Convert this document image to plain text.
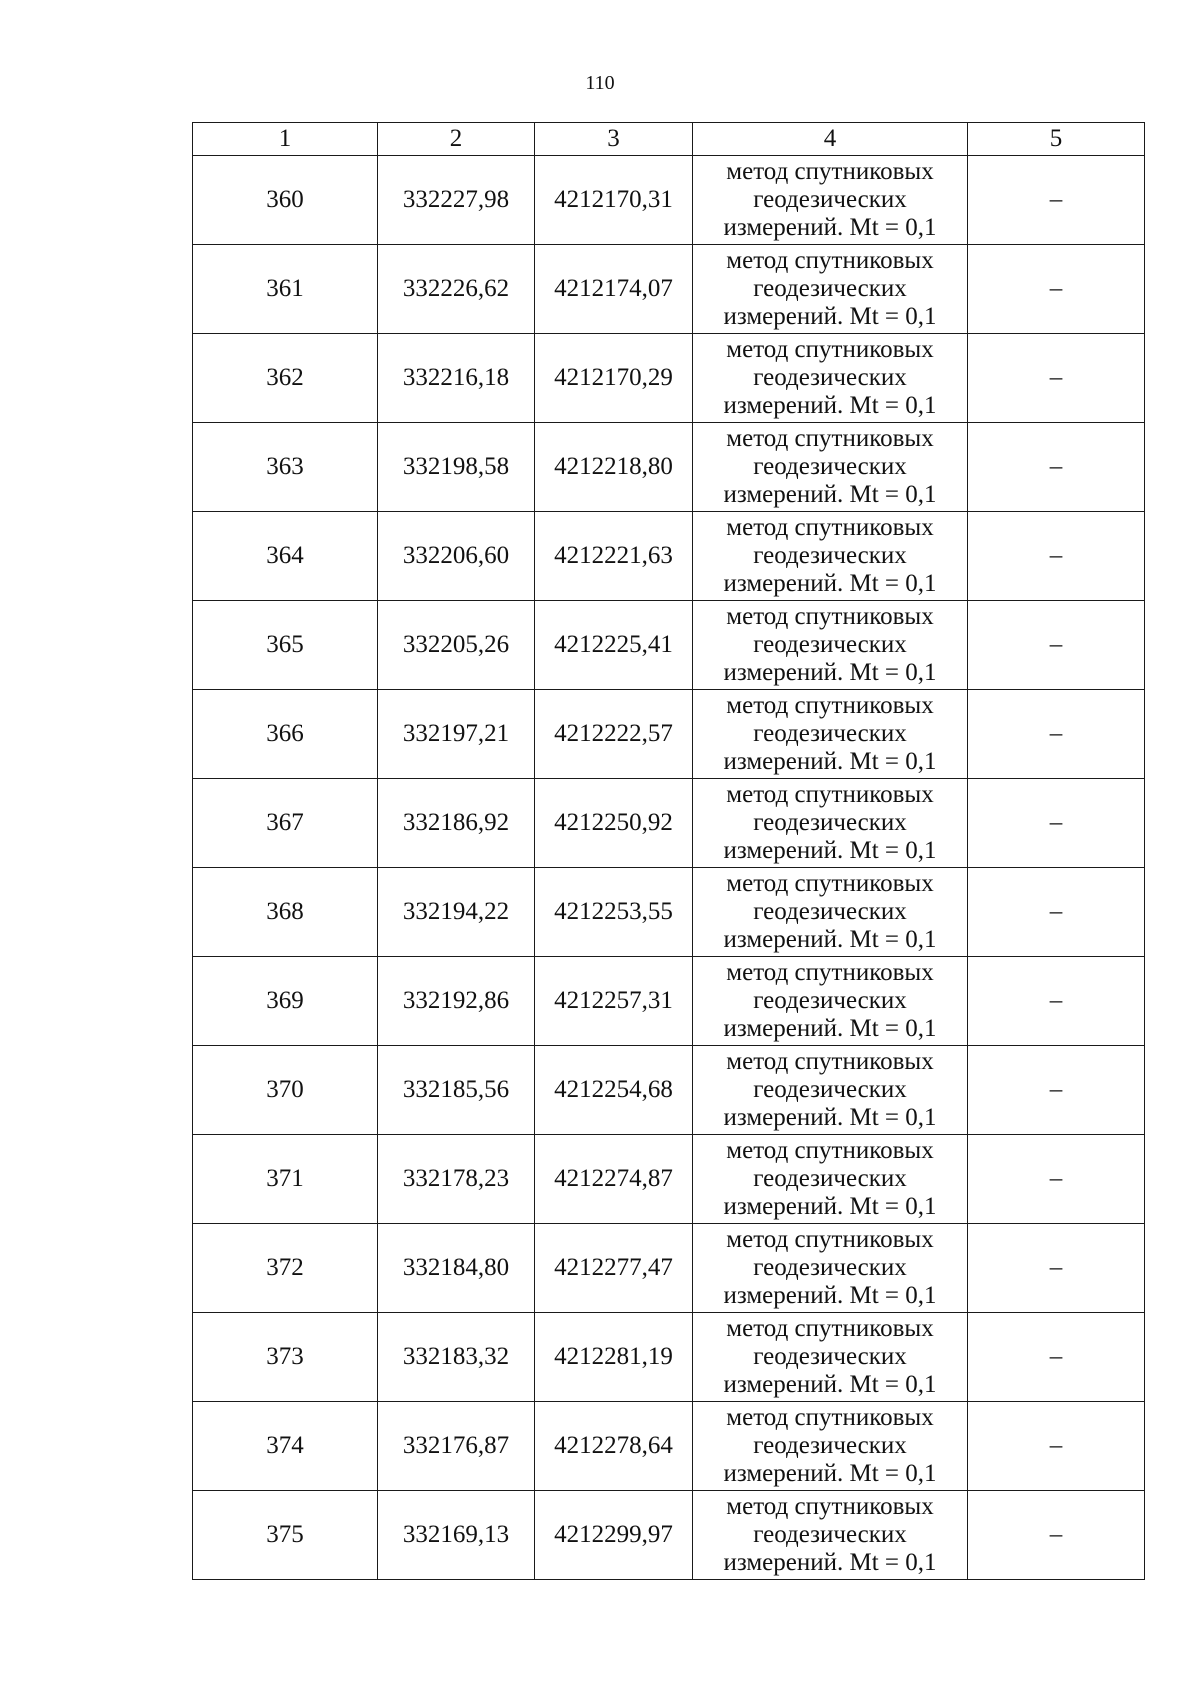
110
1	2	3	4	5
360	332227,98	4212170,31	метод спутниковых
геодезических
измерений. Mt = 0,1	–
361	332226,62	4212174,07	метод спутниковых
геодезических
измерений. Mt = 0,1	–
362	332216,18	4212170,29	метод спутниковых
геодезических
измерений. Mt = 0,1	–
363	332198,58	4212218,80	метод спутниковых
геодезических
измерений. Mt = 0,1	–
364	332206,60	4212221,63	метод спутниковых
геодезических
измерений. Mt = 0,1	–
365	332205,26	4212225,41	метод спутниковых
геодезических
измерений. Mt = 0,1	–
366	332197,21	4212222,57	метод спутниковых
геодезических
измерений. Mt = 0,1	–
367	332186,92	4212250,92	метод спутниковых
геодезических
измерений. Mt = 0,1	–
368	332194,22	4212253,55	метод спутниковых
геодезических
измерений. Mt = 0,1	–
369	332192,86	4212257,31	метод спутниковых
геодезических
измерений. Mt = 0,1	–
370	332185,56	4212254,68	метод спутниковых
геодезических
измерений. Mt = 0,1	–
371	332178,23	4212274,87	метод спутниковых
геодезических
измерений. Mt = 0,1	–
372	332184,80	4212277,47	метод спутниковых
геодезических
измерений. Mt = 0,1	–
373	332183,32	4212281,19	метод спутниковых
геодезических
измерений. Mt = 0,1	–
374	332176,87	4212278,64	метод спутниковых
геодезических
измерений. Mt = 0,1	–
375	332169,13	4212299,97	метод спутниковых
геодезических
измерений. Mt = 0,1	–
